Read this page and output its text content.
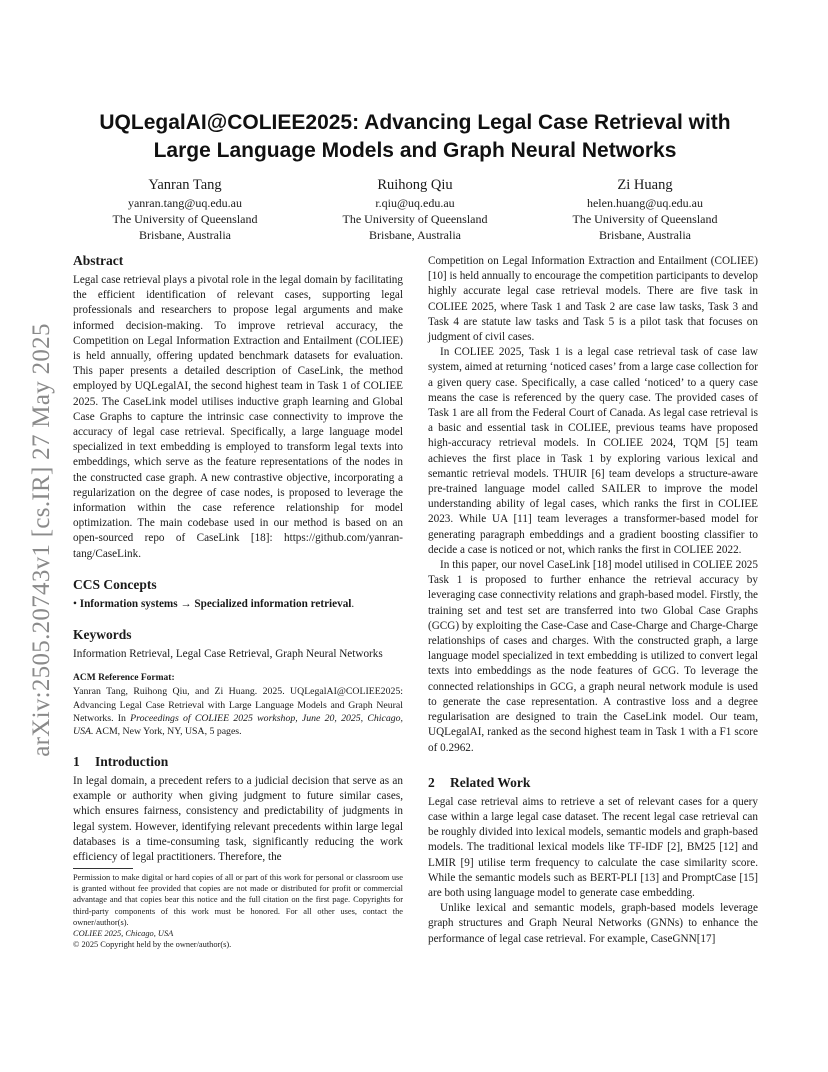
arXiv:2505.20743v1 [cs.IR] 27 May 2025
UQLegalAI@COLIEE2025: Advancing Legal Case Retrieval with
Large Language Models and Graph Neural Networks
Yanran Tang
yanran.tang@uq.edu.au
The University of Queensland
Brisbane, Australia
Ruihong Qiu
r.qiu@uq.edu.au
The University of Queensland
Brisbane, Australia
Zi Huang
helen.huang@uq.edu.au
The University of Queensland
Brisbane, Australia
Abstract

Legal case retrieval plays a pivotal role in the legal domain by facilitating the efficient identification of relevant cases, supporting legal professionals and researchers to propose legal arguments and make informed decision-making. To improve retrieval accuracy, the Competition on Legal Information Extraction and Entailment (COLIEE) is held annually, offering updated benchmark datasets for evaluation. This paper presents a detailed description of CaseLink, the method employed by UQLegalAI, the second highest team in Task 1 of COLIEE 2025. The CaseLink model utilises inductive graph learning and Global Case Graphs to capture the intrinsic case connectivity to improve the accuracy of legal case retrieval. Specifically, a large language model specialized in text embedding is employed to transform legal texts into embeddings, which serve as the feature representations of the nodes in the constructed case graph. A new contrastive objective, incorporating a regularization on the degree of case nodes, is proposed to leverage the information within the case reference relationship for model optimization. The main codebase used in our method is based on an open-sourced repo of CaseLink [18]: https://github.com/yanran-tang/CaseLink.

CCS Concepts

• Information systems → Specialized information retrieval.

Keywords

Information Retrieval, Legal Case Retrieval, Graph Neural Networks

ACM Reference Format:

Yanran Tang, Ruihong Qiu, and Zi Huang. 2025. UQLegalAI@COLIEE2025: Advancing Legal Case Retrieval with Large Language Models and Graph Neural Networks. In Proceedings of COLIEE 2025 workshop, June 20, 2025, Chicago, USA. ACM, New York, NY, USA, 5 pages.

1 Introduction

In legal domain, a precedent refers to a judicial decision that serve as an example or authority when giving judgment to future similar cases, which ensures fairness, consistency and predictability of judgments in legal system. However, identifying relevant precedents within large legal databases is a time-consuming task, significantly reducing the work efficiency of legal practitioners. Therefore, the

Permission to make digital or hard copies of all or part of this work for personal or classroom use is granted without fee provided that copies are not made or distributed for profit or commercial advantage and that copies bear this notice and the full citation on the first page. Copyrights for third-party components of this work must be honored. For all other uses, contact the owner/author(s).
COLIEE 2025, Chicago, USA
© 2025 Copyright held by the owner/author(s).

Competition on Legal Information Extraction and Entailment (COLIEE) [10] is held annually to encourage the competition participants to develop highly accurate legal case retrieval models. There are five task in COLIEE 2025, where Task 1 and Task 2 are case law tasks, Task 3 and Task 4 are statute law tasks and Task 5 is a pilot task that focuses on judgment of civil cases.

In COLIEE 2025, Task 1 is a legal case retrieval task of case law system, aimed at returning ‘noticed cases’ from a large case collection for a given query case. Specifically, a case called ‘noticed’ to a query case means the case is referenced by the query case. The provided cases of Task 1 are all from the Federal Court of Canada. As legal case retrieval is a basic and essential task in COLIEE, previous teams have proposed high-accuracy retrieval models. In COLIEE 2024, TQM [5] team achieves the first place in Task 1 by exploring various lexical and semantic retrieval models. THUIR [6] team develops a structure-aware pre-trained language model called SAILER to improve the model understanding ability of legal cases, which ranks the first in COLIEE 2023. While UA [11] team leverages a transformer-based model for generating paragraph embeddings and a gradient boosting classifier to decide a case is noticed or not, which ranks the first in COLIEE 2022.

In this paper, our novel CaseLink [18] model utilised in COLIEE 2025 Task 1 is proposed to further enhance the retrieval accuracy by leveraging case connectivity relations and graph-based model. Firstly, the training set and test set are transferred into two Global Case Graphs (GCG) by exploiting the Case-Case and Case-Charge and Charge-Charge relationships of cases and charges. With the constructed graph, a large language model specialized in text embedding is utilized to convert legal texts into embeddings as the node features of GCG. To leverage the connected relationships in GCG, a graph neural network module is used to generate the case representation. A contrastive loss and a degree regularisation are designed to train the CaseLink model. Our team, UQLegalAI, ranked as the second highest team in Task 1 with a F1 score of 0.2962.

2 Related Work

Legal case retrieval aims to retrieve a set of relevant cases for a query case within a large legal case dataset. The recent legal case retrieval can be roughly divided into lexical models, semantic models and graph-based models. The traditional lexical models like TF-IDF [2], BM25 [12] and LMIR [9] utilise term frequency to calculate the case similarity score. While the semantic models such as BERT-PLI [13] and PromptCase [15] are both using language model to generate case embedding.

Unlike lexical and semantic models, graph-based models leverage graph structures and Graph Neural Networks (GNNs) to enhance the performance of legal case retrieval. For example, CaseGNN[17]
